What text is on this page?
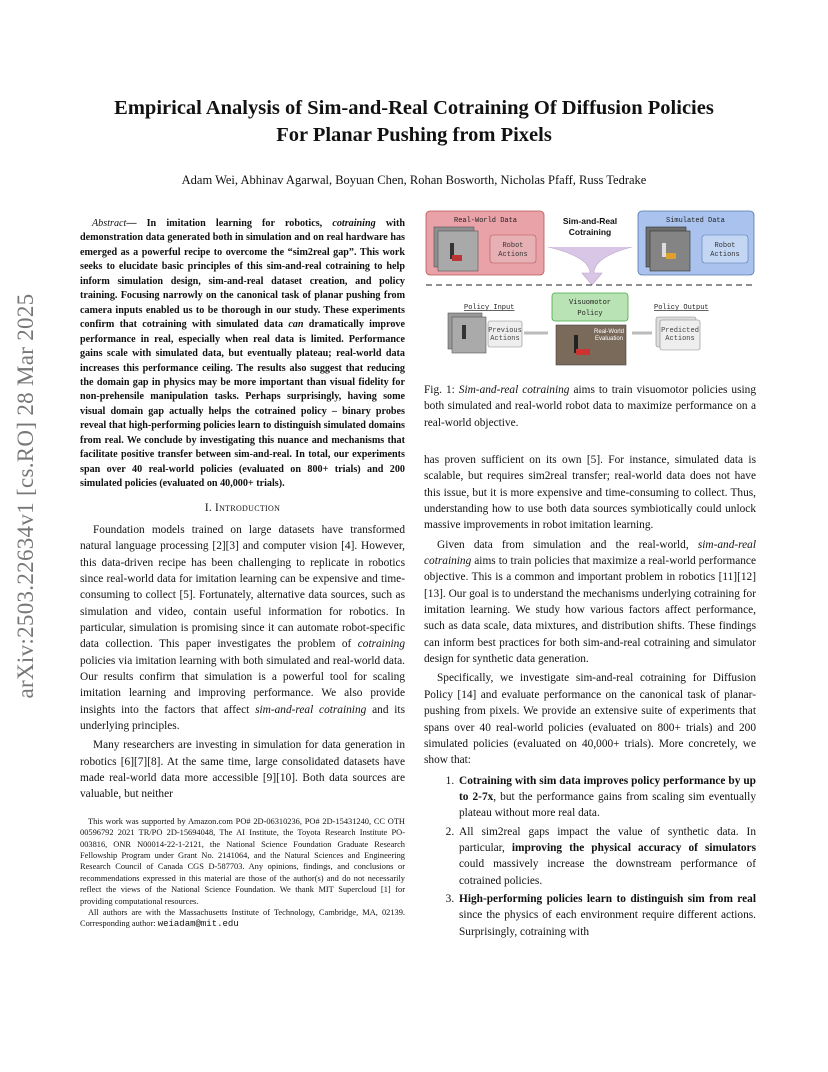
arXiv:2503.22634v1 [cs.RO] 28 Mar 2025
Empirical Analysis of Sim-and-Real Cotraining Of Diffusion Policies
For Planar Pushing from Pixels
Adam Wei, Abhinav Agarwal, Boyuan Chen, Rohan Bosworth, Nicholas Pfaff, Russ Tedrake
Abstract— In imitation learning for robotics, cotraining with demonstration data generated both in simulation and on real hardware has emerged as a powerful recipe to overcome the “sim2real gap”. This work seeks to elucidate basic principles of this sim-and-real cotraining to help inform simulation design, sim-and-real dataset creation, and policy training. Focusing narrowly on the canonical task of planar pushing from camera inputs enabled us to be thorough in our study. These experiments confirm that cotraining with simulated data can dramatically improve performance in real, especially when real data is limited. Performance gains scale with simulated data, but eventually plateau; real-world data increases this performance ceiling. The results also suggest that reducing the domain gap in physics may be more important than visual fidelity for non-prehensile manipulation tasks. Perhaps surprisingly, having some visual domain gap actually helps the cotrained policy – binary probes reveal that high-performing policies learn to distinguish simulated domains from real. We conclude by investigating this nuance and mechanisms that facilitate positive transfer between sim-and-real. In total, our experiments span over 40 real-world policies (evaluated on 800+ trials) and 200 simulated policies (evaluated on 40,000+ trials).
I. Introduction

Foundation models trained on large datasets have transformed natural language processing [2][3] and computer vision [4]. However, this data-driven recipe has been challenging to replicate in robotics since real-world data for imitation learning can be expensive and time-consuming to collect [5]. Fortunately, alternative data sources, such as simulation and video, contain useful information for robotics. In particular, simulation is promising since it can automate robot-specific data collection. This paper investigates the problem of cotraining policies via imitation learning with both simulated and real-world data. Our results confirm that simulation is a powerful tool for scaling imitation learning and improving performance. We also provide insights into the factors that affect sim-and-real cotraining and its underlying principles.

Many researchers are investing in simulation for data generation in robotics [6][7][8]. At the same time, large consolidated datasets have made real-world data more accessible [9][10]. Both data sources are valuable, but neither

This work was supported by Amazon.com PO# 2D-06310236, PO# 2D-15431240, CC OTH 00596792 2021 TR/PO 2D-15694048, The AI Institute, the Toyota Research Institute PO-003816, ONR N00014-22-1-2121, the National Science Foundation Graduate Research Fellowship Program under Grant No. 2141064, and the Natural Sciences and Engineering Research Council of Canada CGS D-587703. Any opinions, findings, and conclusions or recommendations expressed in this material are those of the author(s) and do not necessarily reflect the views of the National Science Foundation. We thank MIT Supercloud [1] for providing computational resources.

All authors are with the Massachusetts Institute of Technology, Cambridge, MA, 02139. Corresponding author: weiadam@mit.edu

Real-World Data
Robot
Actions
Sim-and-Real
Cotraining
Simulated Data
Robot
Actions
Visuomotor
Policy
Policy Input
Previous
Actions
Real-World
Evaluation
Policy Output
Predicted
Actions
Fig. 1: Sim-and-real cotraining aims to train visuomotor policies using both simulated and real-world robot data to maximize performance on a real-world objective.

has proven sufficient on its own [5]. For instance, simulated data is scalable, but requires sim2real transfer; real-world data does not have this issue, but it is more expensive and time-consuming to collect. Thus, understanding how to use both data sources symbiotically could unlock massive improvements in robot imitation learning.

Given data from simulation and the real-world, sim-and-real cotraining aims to train policies that maximize a real-world performance objective. This is a common and important problem in robotics [11][12][13]. Our goal is to understand the mechanisms underlying cotraining for imitation learning. We study how various factors affect performance, such as data scale, data mixtures, and distribution shifts. These findings can inform best practices for both sim-and-real cotraining and simulator design for synthetic data generation.

Specifically, we investigate sim-and-real cotraining for Diffusion Policy [14] and evaluate performance on the canonical task of planar-pushing from pixels. We provide an extensive suite of experiments that spans over 40 real-world policies (evaluated on 800+ trials) and 200 simulated policies (evaluated on 40,000+ trials). More concretely, we show that:

1. Cotraining with sim data improves policy performance by up to 2-7x, but the performance gains from scaling sim eventually plateau without more real data.
2. All sim2real gaps impact the value of synthetic data. In particular, improving the physical accuracy of simulators could massively increase the downstream performance of cotrained policies.
3. High-performing policies learn to distinguish sim from real since the physics of each environment require different actions. Surprisingly, cotraining with
